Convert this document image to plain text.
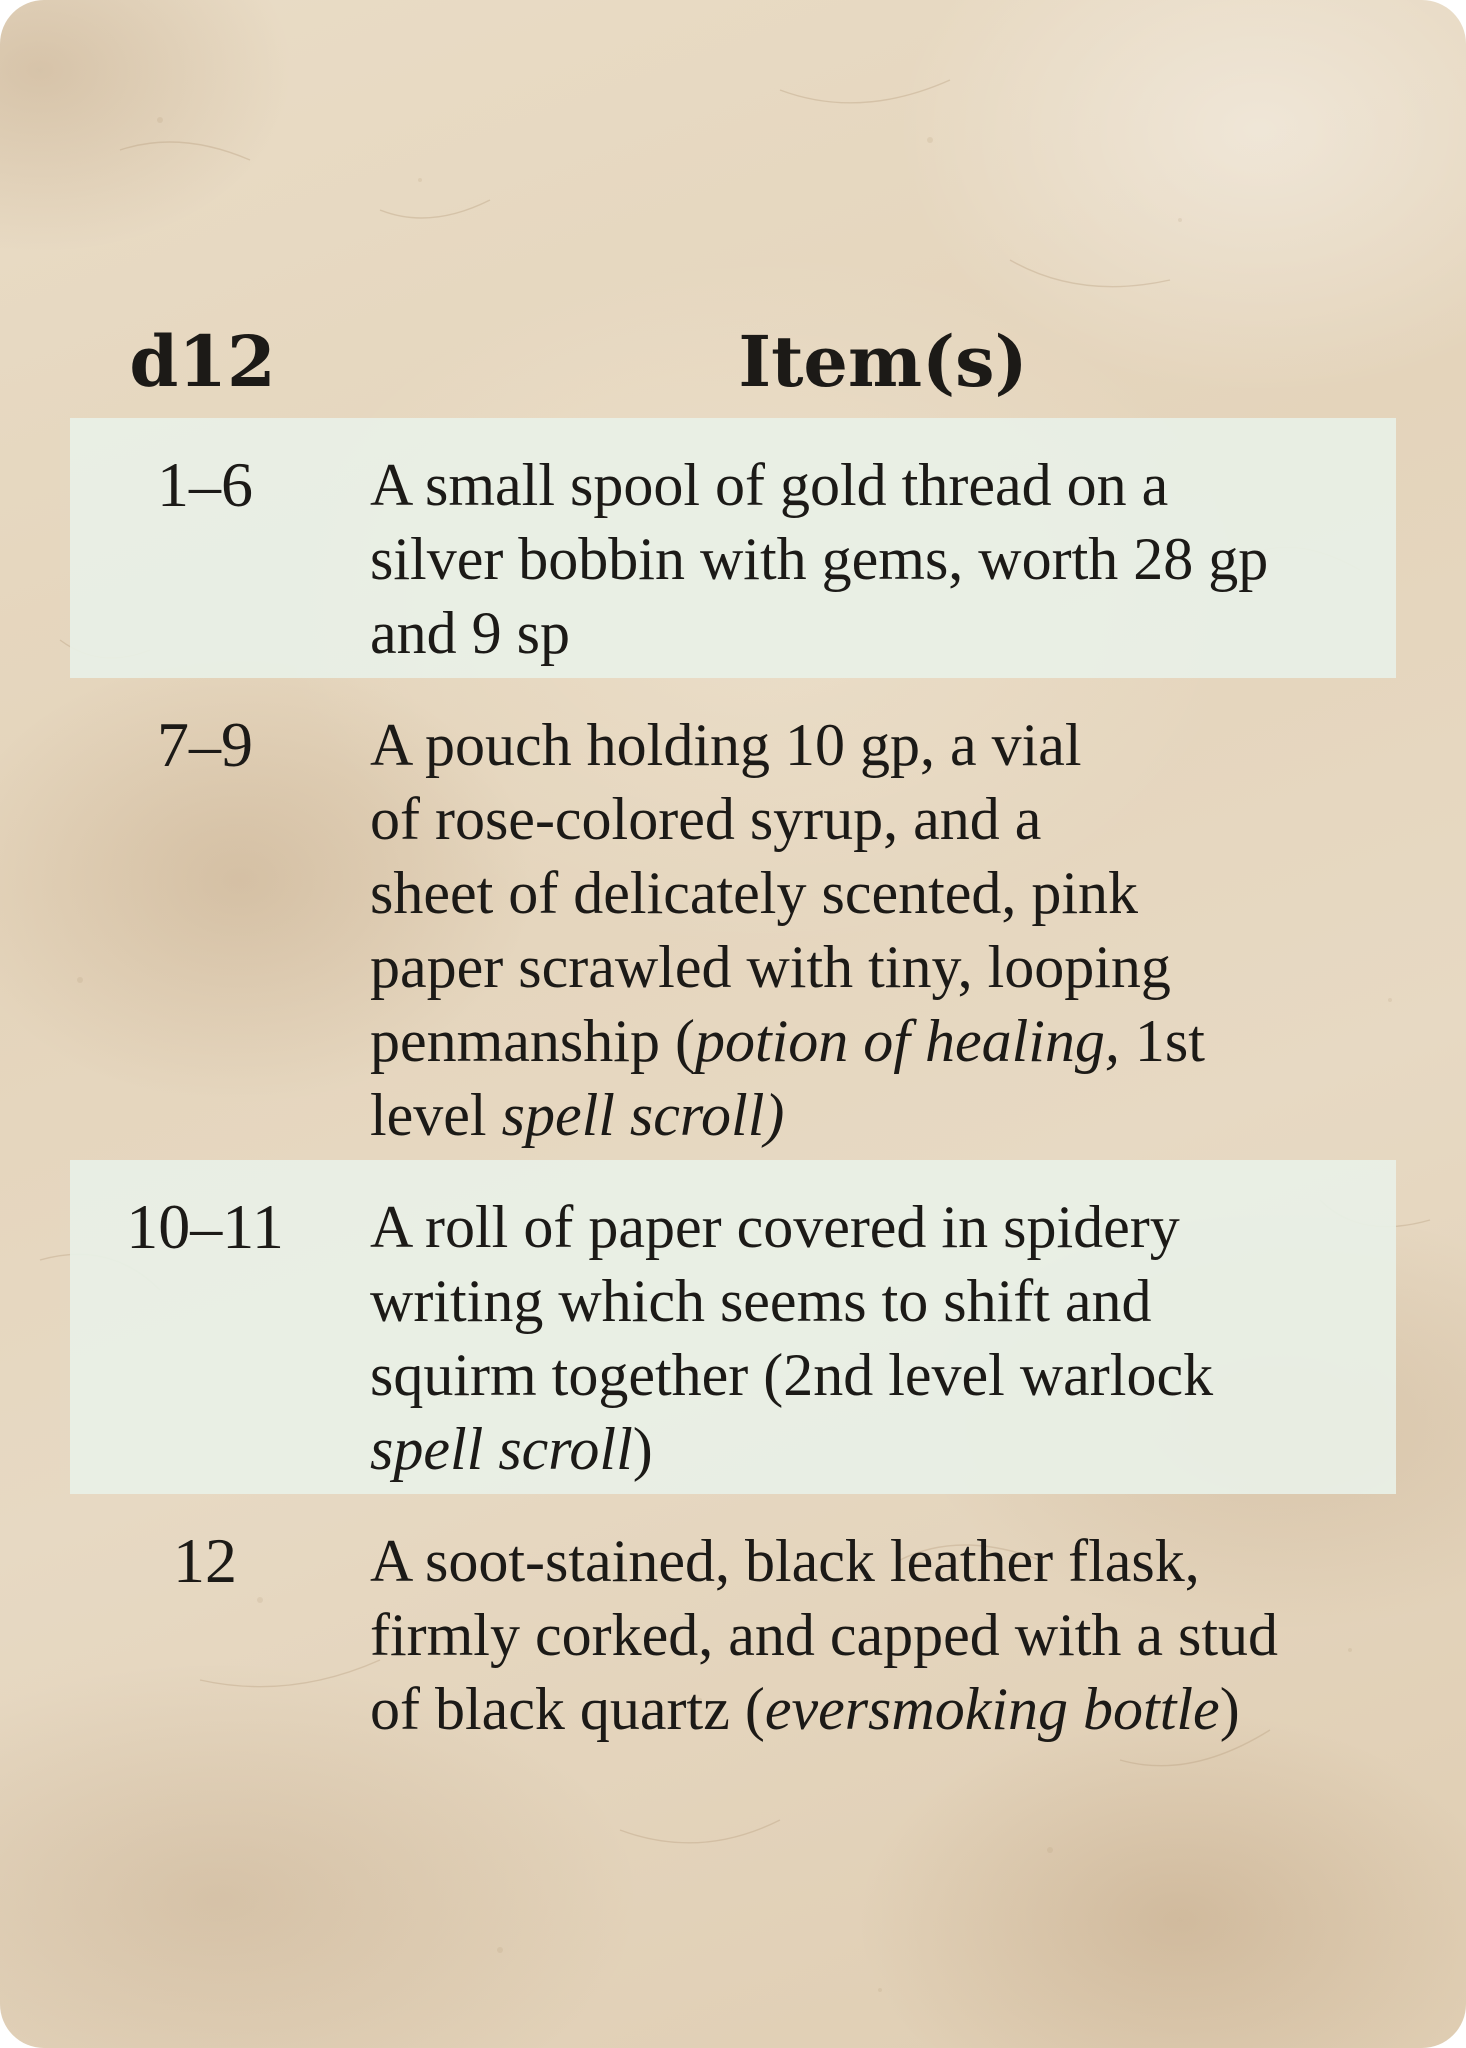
d12	Item(s)
1–6	A small spool of gold thread on a
silver bobbin with gems, worth 28 gp
and 9 sp
7–9	A pouch holding 10 gp, a vial
of rose-colored syrup, and a
sheet of delicately scented, pink
paper scrawled with tiny, looping
penmanship (potion of healing, 1st
level spell scroll)
10–11	A roll of paper covered in spidery
writing which seems to shift and
squirm together (2nd level warlock
spell scroll)
12	A soot-stained, black leather flask,
firmly corked, and capped with a stud
of black quartz (eversmoking bottle)
